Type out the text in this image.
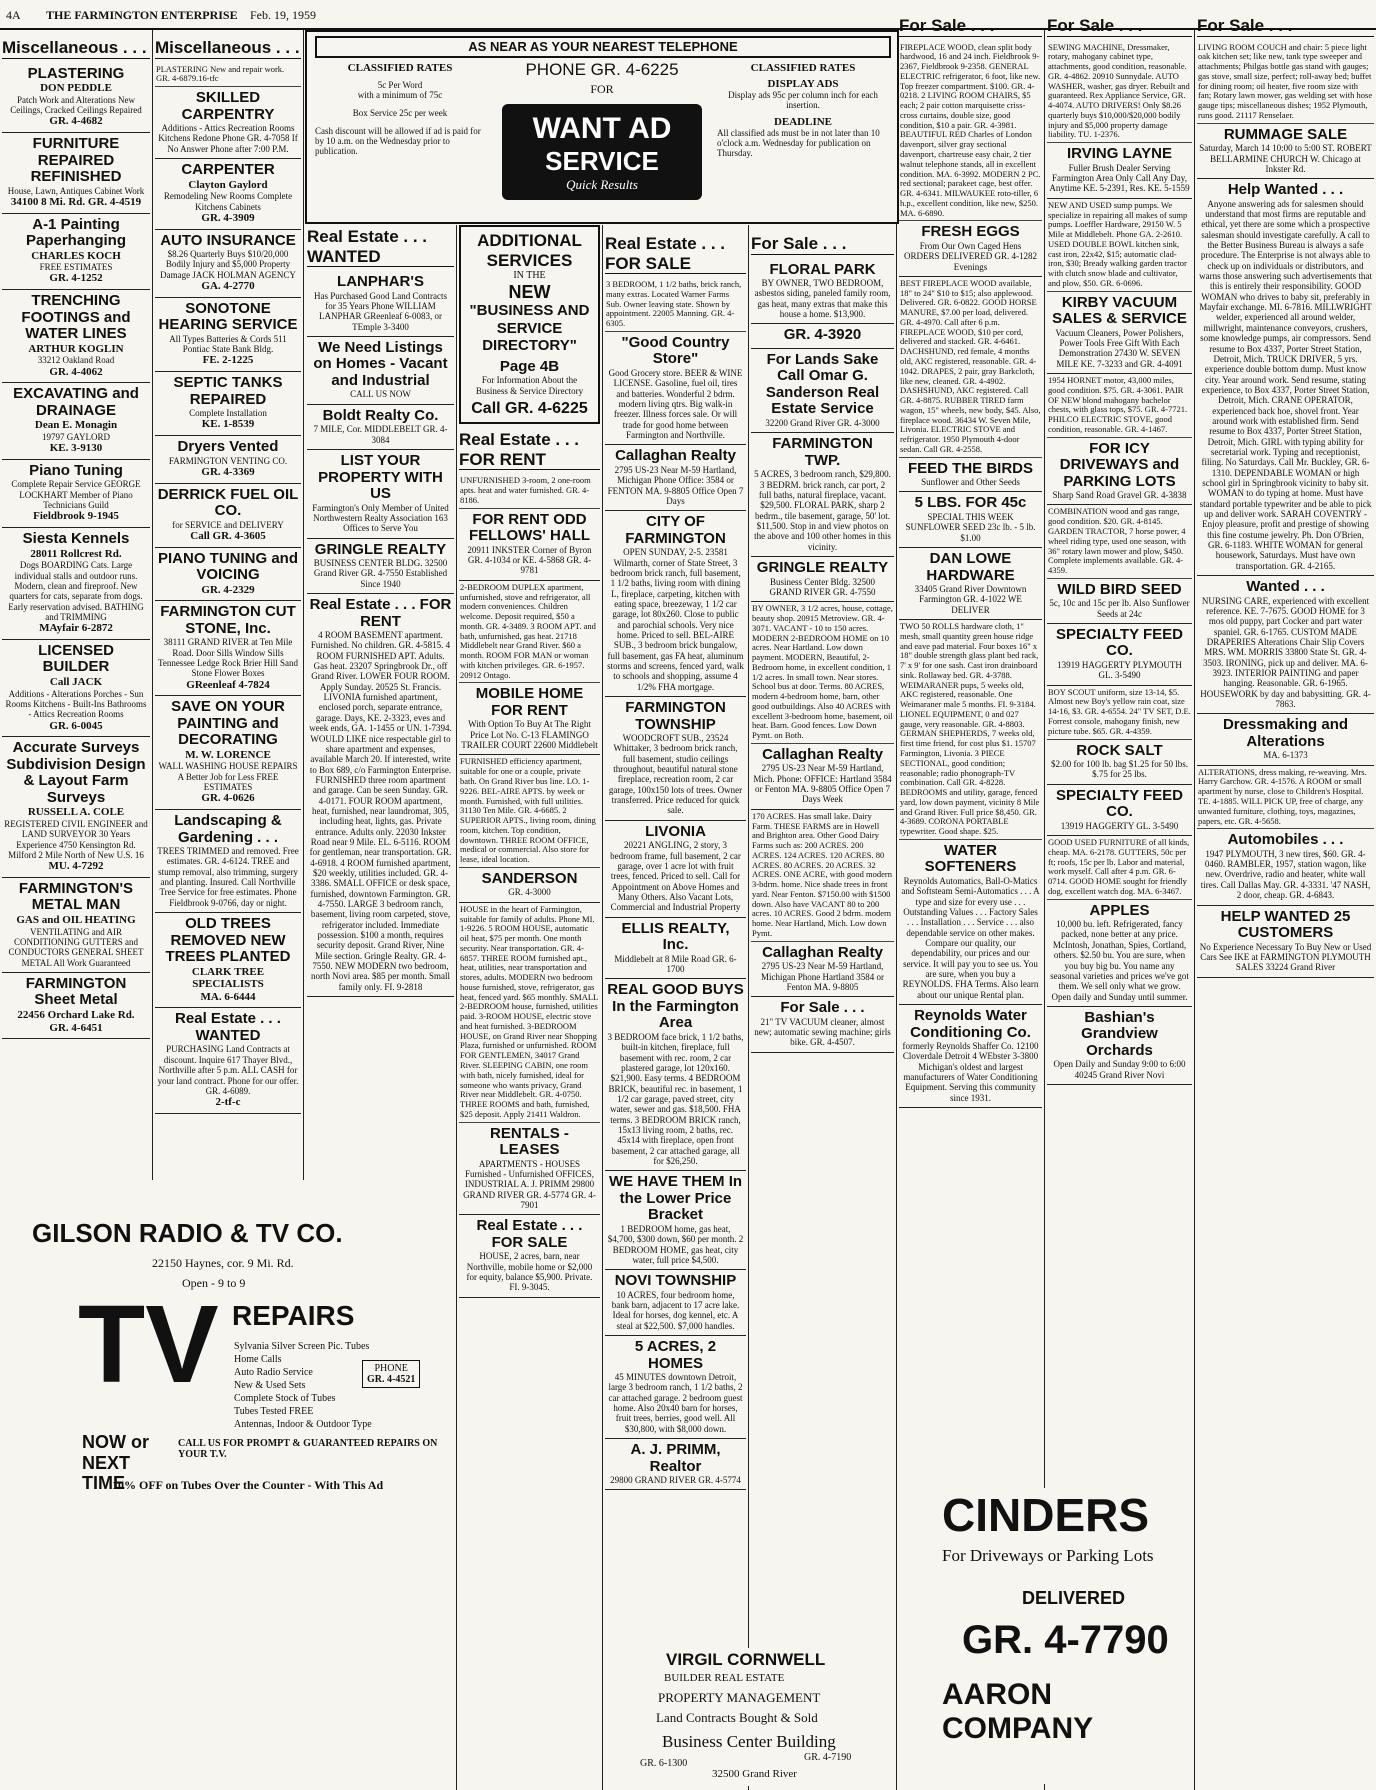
4A THE FARMINGTON ENTERPRISE Feb. 19, 1959
AS NEAR AS YOUR NEAREST TELEPHONE
PHONE GR. 4-6225
FOR
WANT AD
SERVICE
Quick Results
CLASSIFIED RATES
5c Per Word
with a minimum of 75c
Box Service 25c per week
Cash discount will be allowed if ad is paid for by 10 a.m. on the Wednesday prior to publication.
CLASSIFIED RATES
DISPLAY ADS
Display ads 95c per column inch for each insertion.
DEADLINE
All classified ads must be in not later than 10 o'clock a.m. Wednesday for publication on Thursday.
Miscellaneous . . .
PLASTERING
DON PEDDLE
Patch Work and Alterations New Ceilings, Cracked Ceilings Repaired
GR. 4-4682
FURNITURE REPAIRED REFINISHED
House, Lawn, Antiques Cabinet Work
34100 8 Mi. Rd. GR. 4-4519
A-1 Painting Paperhanging
CHARLES KOCH
FREE ESTIMATES
GR. 4-1252
TRENCHING FOOTINGS and WATER LINES
ARTHUR KOGLIN
33212 Oakland Road
GR. 4-4062
EXCAVATING and DRAINAGE
Dean E. Monagin
19797 GAYLORD
KE. 3-9130
Piano Tuning
Complete Repair Service GEORGE LOCKHART Member of Piano Technicians Guild
Fieldbrook 9-1945
Siesta Kennels
28011 Rollcrest Rd.
Dogs BOARDING Cats. Large individual stalls and outdoor runs. Modern, clean and fireproof. New quarters for cats, separate from dogs. Early reservation advised. BATHING and TRIMMING
MAyfair 6-2872
LICENSED BUILDER
Call JACK
Additions - Alterations Porches - Sun Rooms Kitchens - Built-Ins Bathrooms - Attics Recreation Rooms
GR. 6-0045
Accurate Surveys Subdivision Design & Layout Farm Surveys
RUSSELL A. COLE
REGISTERED CIVIL ENGINEER and LAND SURVEYOR 30 Years Experience 4750 Kensington Rd. Milford 2 Mile North of New U.S. 16
MU. 4-7292
FARMINGTON'S METAL MAN
GAS and OIL HEATING
VENTILATING and AIR CONDITIONING GUTTERS and CONDUCTORS GENERAL SHEET METAL All Work Guaranteed
FARMINGTON Sheet Metal
22456 Orchard Lake Rd.
GR. 4-6451
Miscellaneous . . .
PLASTERING New and repair work. GR. 4-6879.16-tfc
SKILLED CARPENTRY
Additions - Attics Recreation Rooms Kitchens Redone Phone GR. 4-7058 If No Answer Phone after 7:00 P.M.
CARPENTER
Clayton Gaylord
Remodeling New Rooms Complete Kitchens Cabinets
GR. 4-3909
AUTO INSURANCE
$8.26 Quarterly Buys $10/20,000 Bodily Injury and $5,000 Property Damage JACK HOLMAN AGENCY
GA. 4-2770
SONOTONE HEARING SERVICE
All Types Batteries & Cords 511 Pontiac State Bank Bldg.
FE. 2-1225
SEPTIC TANKS REPAIRED
Complete Installation
KE. 1-8539
Dryers Vented
FARMINGTON VENTING CO.
GR. 4-3369
DERRICK FUEL OIL CO.
for SERVICE and DELIVERY
Call GR. 4-3605
PIANO TUNING and VOICING
GR. 4-2329
FARMINGTON CUT STONE, Inc.
38111 GRAND RIVER at Ten Mile Road. Door Sills Window Sills Tennessee Ledge Rock Brier Hill Sand Stone Flower Boxes
GReenleaf 4-7824
SAVE ON YOUR PAINTING and DECORATING
M. W. LORENCE
WALL WASHING HOUSE REPAIRS A Better Job for Less FREE ESTIMATES
GR. 4-0626
Landscaping & Gardening . . .
TREES TRIMMED and removed. Free estimates. GR. 4-6124. TREE and stump removal, also trimming, surgery and planting. Insured. Call Northville Tree Service for free estimates. Phone Fieldbrook 9-0766, day or night.
OLD TREES REMOVED NEW TREES PLANTED
CLARK TREE SPECIALISTS
MA. 6-6444
Real Estate . . . WANTED
PURCHASING Land Contracts at discount. Inquire 617 Thayer Blvd., Northville after 5 p.m. ALL CASH for your land contract. Phone for our offer. GR. 4-6089.
2-tf-c
Real Estate . . . WANTED
LANPHAR'S
Has Purchased Good Land Contracts for 35 Years Phone WILLIAM LANPHAR GReenleaf 6-0083, or TEmple 3-3400
We Need Listings on Homes - Vacant and Industrial
CALL US NOW
Boldt Realty Co.
7 MILE, Cor. MIDDLEBELT GR. 4-3084
LIST YOUR PROPERTY WITH US
Farmington's Only Member of United Northwestern Realty Association 163 Offices to Serve You
GRINGLE REALTY
BUSINESS CENTER BLDG. 32500 Grand River GR. 4-7550 Established Since 1940
Real Estate . . . FOR RENT
4 ROOM BASEMENT apartment. Furnished. No children. GR. 4-5815. 4 ROOM FURNISHED APT. Adults. Gas heat. 23207 Springbrook Dr., off Grand River. LOWER FOUR ROOM. Apply Sunday. 20525 St. Francis. LIVONIA furnished apartment, enclosed porch, separate entrance, garage. Days, KE. 2-3323, eves and week ends, GA. 1-1455 or UN. 1-7394. WOULD LIKE nice respectable girl to share apartment and expenses, available March 20. If interested, write to Box 689, c/o Farmington Enterprise. FURNISHED three room apartment and garage. Can be seen Sunday. GR. 4-0171. FOUR ROOM apartment, heat, furnished, near laundromat, 305, including heat, lights, gas. Private entrance. Adults only. 22030 Inkster Road near 9 Mile. EL. 6-5116. ROOM for gentleman, near transportation. GR. 4-6918. 4 ROOM furnished apartment, $20 weekly, utilities included. GR. 4-3386. SMALL OFFICE or desk space, furnished, downtown Farmington. GR. 4-7550. LARGE 3 bedroom ranch, basement, living room carpeted, stove, refrigerator included. Immediate possession. $100 a month, requires security deposit. Grand River, Nine Mile section. Gringle Realty. GR. 4-7550. NEW MODERN two bedroom, north Novi area. $85 per month. Small family only. FI. 9-2818
ADDITIONAL SERVICES
IN THE
NEW
"BUSINESS AND SERVICE DIRECTORY"
Page 4B
For Information About the Business & Service Directory
Call GR. 4-6225
Real Estate . . . FOR RENT
UNFURNISHED 3-room, 2 one-room apts. heat and water furnished. GR. 4-8186.
FOR RENT ODD FELLOWS' HALL
20911 INKSTER Corner of Byron GR. 4-1034 or KE. 4-5868 GR. 4-9781
2-BEDROOM DUPLEX apartment, unfurnished, stove and refrigerator, all modern conveniences. Children welcome. Deposit required, $50 a month. GR. 4-3489. 3 ROOM APT. and bath, unfurnished, gas heat. 21718 Middlebelt near Grand River. $60 a month. ROOM FOR MAN or woman with kitchen privileges. GR. 6-1957. 20912 Ontago.
MOBILE HOME FOR RENT
With Option To Buy At The Right Price Lot No. C-13 FLAMINGO TRAILER COURT 22600 Middlebelt
FURNISHED efficiency apartment, suitable for one or a couple, private bath. On Grand River bus line. LO. 1-9226. BEL-AIRE APTS. by week or month. Furnished, with full utilities. 31130 Ten Mile. GR. 4-6685. 2 SUPERIOR APTS., living room, dining room, kitchen. Top condition, downtown. THREE ROOM OFFICE, medical or commercial. Also store for lease, ideal location.
SANDERSON
GR. 4-3000
HOUSE in the heart of Farmington, suitable for family of adults. Phone MI. 1-9226. 5 ROOM HOUSE, automatic oil heat, $75 per month. One month security. Near transportation. GR. 4-6857. THREE ROOM furnished apt., heat, utilities, near transportation and stores, adults. MODERN two bedroom house furnished, stove, refrigerator, gas heat, fenced yard. $65 monthly. SMALL 2-BEDROOM house, furnished, utilities paid. 3-ROOM HOUSE, electric stove and heat furnished. 3-BEDROOM HOUSE, on Grand River near Shopping Plaza, furnished or unfurnished. ROOM FOR GENTLEMEN, 34017 Grand River. SLEEPING CABIN, one room with bath, nicely furnished, ideal for someone who wants privacy, Grand River near Middlebelt. GR. 4-0750. THREE ROOMS and bath, furnished, $25 deposit. Apply 21411 Waldron.
RENTALS - LEASES
APARTMENTS - HOUSES Furnished - Unfurnished OFFICES, INDUSTRIAL A. J. PRIMM 29800 GRAND RIVER GR. 4-5774 GR. 4-7901
Real Estate . . . FOR SALE
HOUSE, 2 acres, barn, near Northville, mobile home or $2,000 for equity, balance $5,900. Private. FI. 9-3045.
Real Estate . . . FOR SALE
3 BEDROOM, 1 1/2 baths, brick ranch, many extras. Located Warner Farms Sub. Owner leaving state. Shown by appointment. 22005 Manning. GR. 4-6305.
"Good Country Store"
Good Grocery store. BEER & WINE LICENSE. Gasoline, fuel oil, tires and batteries. Wonderful 2 bdrm. modern living qtrs. Big walk-in freezer. Illness forces sale. Or will trade for good home between Farmington and Northville.
Callaghan Realty
2795 US-23 Near M-59 Hartland, Michigan Phone Office: 3584 or FENTON MA. 9-8805 Office Open 7 Days
CITY OF FARMINGTON
OPEN SUNDAY, 2-5. 23581 Wilmarth, corner of State Street, 3 bedroom brick ranch, full basement, 1 1/2 baths, living room with dining L, fireplace, carpeting, kitchen with eating space, breezeway, 1 1/2 car garage, lot 80x260. Close to public and parochial schools. Very nice home. Priced to sell. BEL-AIRE SUB., 3 bedroom brick bungalow, full basement, gas FA heat, aluminum storms and screens, fenced yard, walk to schools and shopping, assume 4 1/2% FHA mortgage.
FARMINGTON TOWNSHIP
WOODCROFT SUB., 23524 Whittaker, 3 bedroom brick ranch, full basement, studio ceilings throughout, beautiful natural stone fireplace, recreation room, 2 car garage, 100x150 lots of trees. Owner transferred. Price reduced for quick sale.
LIVONIA
20221 ANGLING, 2 story, 3 bedroom frame, full basement, 2 car garage, over 1 acre lot with fruit trees, fenced. Priced to sell. Call for Appointment on Above Homes and Many Others. Also Vacant Lots, Commercial and Industrial Property
ELLIS REALTY, Inc.
Middlebelt at 8 Mile Road GR. 6-1700
REAL GOOD BUYS In the Farmington Area
3 BEDROOM face brick, 1 1/2 baths, built-in kitchen, fireplace, full basement with rec. room, 2 car plastered garage, lot 120x160. $21,900. Easy terms. 4 BEDROOM BRICK, beautiful rec. in basement, 1 1/2 car garage, paved street, city water, sewer and gas. $18,500. FHA terms. 3 BEDROOM BRICK ranch, 15x13 living room, 2 baths, rec. 45x14 with fireplace, open front basement, 2 car attached garage, all for $26,250.
WE HAVE THEM In the Lower Price Bracket
1 BEDROOM home, gas heat, $4,700, $300 down, $60 per month. 2 BEDROOM HOME, gas heat, city water, full price $4,500.
NOVI TOWNSHIP
10 ACRES, four bedroom home, bank barn, adjacent to 17 acre lake. Ideal for horses, dog kennel, etc. A steal at $22,500. $7,000 handles.
5 ACRES, 2 HOMES
45 MINUTES downtown Detroit, large 3 bedroom ranch, 1 1/2 baths, 2 car attached garage. 2 bedroom guest home. Also 20x40 barn for horses, fruit trees, berries, good well. All $30,800, with $8,000 down.
A. J. PRIMM, Realtor
29800 GRAND RIVER GR. 4-5774
For Sale . . .
FLORAL PARK
BY OWNER, TWO BEDROOM, asbestos siding, paneled family room, gas heat, many extras that make this house a home. $13,900.
GR. 4-3920
For Lands Sake Call Omar G. Sanderson Real Estate Service
32200 Grand River GR. 4-3000
FARMINGTON TWP.
5 ACRES, 3 bedroom ranch, $29,800. 3 BEDRM. brick ranch, car port, 2 full baths, natural fireplace, vacant. $29,500. FLORAL PARK, sharp 2 bedrm., tile basement, garage, 50' lot. $11,500. Stop in and view photos on the above and 100 other homes in this vicinity.
GRINGLE REALTY
Business Center Bldg. 32500 GRAND RIVER GR. 4-7550
BY OWNER, 3 1/2 acres, house, cottage, beauty shop. 20915 Metroview. GR. 4-3071. VACANT - 10 to 150 acres. MODERN 2-BEDROOM HOME on 10 acres. Near Hartland. Low down payment. MODERN, Beautiful, 2-Bedroom home, in excellent condition, 1 1/2 acres. In small town. Near stores. School bus at door. Terms. 80 ACRES, modern 4-bedroom home, barn, other good outbuildings. Also 40 ACRES with excellent 3-bedroom home, basement, oil heat. Barn. Good fences. Low Down Pymt. on Both.
Callaghan Realty
2795 US-23 Near M-59 Hartland, Mich. Phone: OFFICE: Hartland 3584 or Fenton MA. 9-8805 Office Open 7 Days Week
170 ACRES. Has small lake. Dairy Farm. THESE FARMS are in Howell and Brighton area. Other Good Dairy Farms such as: 200 ACRES. 200 ACRES. 124 ACRES. 120 ACRES. 80 ACRES. 80 ACRES. 20 ACRES. 32 ACRES. ONE ACRE, with good modern 3-bdrm. home. Nice shade trees in front yard. Near Fenton. $7150.00 with $1500 down. Also have VACANT 80 to 200 acres. 10 ACRES. Good 2 bdrm. modern home. Near Hartland, Mich. Low down Pymt.
Callaghan Realty
2795 US-23 Near M-59 Hartland, Michigan Phone Hartland 3584 or Fenton MA. 9-8805
For Sale . . .
21" TV VACUUM cleaner, almost new; automatic sewing machine; girls bike. GR. 4-4507.
For Sale . . .
FIREPLACE WOOD, clean split body hardwood, 16 and 24 inch. Fieldbrook 9-2367, Fieldbrook 9-2358. GENERAL ELECTRIC refrigerator, 6 foot, like new. Top freezer compartment. $100. GR. 4-0218. 2 LIVING ROOM CHAIRS, $5 each; 2 pair cotton marquisette criss-cross curtains, double size, good condition, $10 a pair. GR. 4-3981. BEAUTIFUL RED Charles of London davenport, silver gray sectional davenport, chartreuse easy chair, 2 tier walnut telephone stands, all in excellent condition. MA. 6-3992. MODERN 2 PC. red sectional; parakeet cage, best offer. GR. 4-6341. MILWAUKEE roto-tiller, 6 h.p., excellent condition, like new, $250. MA. 6-6890.
FRESH EGGS
From Our Own Caged Hens ORDERS DELIVERED GR. 4-1282 Evenings
BEST FIREPLACE WOOD available, 18" to 24" $10 to $15; also applewood. Delivered. GR. 6-0822. GOOD HORSE MANURE, $7.00 per load, delivered. GR. 4-4970. Call after 6 p.m. FIREPLACE WOOD, $10 per cord, delivered and stacked. GR. 4-6461. DACHSHUND, red female, 4 months old, AKC registered, reasonable. GR. 4-1042. DRAPES, 2 pair, gray Barkcloth, like new, cleaned. GR. 4-4902. DASHSHUND, AKC registered. Call GR. 4-8875. RUBBER TIRED farm wagon, 15" wheels, new body, $45. Also, fireplace wood. 36434 W. Seven Mile, Livonia. ELECTRIC STOVE and refrigerator. 1950 Plymouth 4-door sedan. Call GR. 4-2558.
FEED THE BIRDS
Sunflower and Other Seeds
5 LBS. FOR 45c
SPECIAL THIS WEEK SUNFLOWER SEED 23c lb. - 5 lb. $1.00
DAN LOWE HARDWARE
33405 Grand River Downtown Farmington GR. 4-1022 WE DELIVER
TWO 50 ROLLS hardware cloth, 1" mesh, small quantity green house ridge and eave pad material. Four boxes 16" x 18" double strength glass plant bed rack, 7' x 9' for one sash. Cast iron drainboard sink. Rollaway bed. GR. 4-3788. WEIMARANER pups, 5 weeks old, AKC registered, reasonable. One Weimaraner male 5 months. FI. 9-3184. LIONEL EQUIPMENT, 0 and 027 gauge, very reasonable. GR. 4-8803. GERMAN SHEPHERDS, 7 weeks old, first time friend, for cost plus $1. 15707 Farmington, Livonia. 3 PIECE SECTIONAL, good condition; reasonable; radio phonograph-TV combination. Call GR. 4-8228. BEDROOMS and utility, garage, fenced yard, low down payment, vicinity 8 Mile and Grand River. Full price $8,450. GR. 4-3689. CORONA PORTABLE typewriter. Good shape. $25.
WATER SOFTENERS
Reynolds Automatics, Ball-O-Matics and Softsteam Semi-Automatics . . . A type and size for every use . . . Outstanding Values . . . Factory Sales . . . Installation . . . Service . . . also dependable service on other makes. Compare our quality, our dependability, our prices and our service. It will pay you to see us. You are sure, when you buy a REYNOLDS. FHA Terms. Also learn about our unique Rental plan.
Reynolds Water Conditioning Co.
formerly Reynolds Shaffer Co. 12100 Cloverdale Detroit 4 WEbster 3-3800 Michigan's oldest and largest manufacturers of Water Conditioning Equipment. Serving this community since 1931.
For Sale . . .
SEWING MACHINE, Dressmaker, rotary, mahogany cabinet type, attachments, good condition, reasonable. GR. 4-4862. 20910 Sunnydale. AUTO WASHER, washer, gas dryer. Rebuilt and guaranteed. Rex Appliance Service, GR. 4-4074. AUTO DRIVERS! Only $8.26 quarterly buys $10,000/$20,000 bodily injury and $5,000 property damage liability. TU. 1-2376.
IRVING LAYNE
Fuller Brush Dealer Serving Farmington Area Only Call Any Day, Anytime KE. 5-2391, Res. KE. 5-1559
NEW AND USED sump pumps. We specialize in repairing all makes of sump pumps. Loeffler Hardware, 29150 W. 5 Mile at Middlebelt. Phone GA. 2-2610. USED DOUBLE BOWL kitchen sink, cast iron, 22x42, $15; automatic clad-iron, $30; Bready walking garden tractor with clutch snow blade and cultivator, and plow, $50. GR. 6-0696.
KIRBY VACUUM SALES & SERVICE
Vacuum Cleaners, Power Polishers, Power Tools Free Gift With Each Demonstration 27430 W. SEVEN MILE KE. 7-3233 and GR. 4-4091
1954 HORNET motor, 43,000 miles, good condition. $75. GR. 4-3061. PAIR OF NEW blond mahogany bachelor chests, with glass tops, $75. GR. 4-7721. PHILCO ELECTRIC STOVE, good condition, reasonable. GR. 4-1467.
FOR ICY DRIVEWAYS and PARKING LOTS
Sharp Sand Road Gravel GR. 4-3838
COMBINATION wood and gas range, good condition. $20. GR. 4-8145. GARDEN TRACTOR, 7 horse power, 4 wheel riding type, used one season, with 36" rotary lawn mower and plow, $450. Complete implements available. GR. 4-4359.
WILD BIRD SEED
5c, 10c and 15c per lb. Also Sunflower Seeds at 24c
SPECIALTY FEED CO.
13919 HAGGERTY PLYMOUTH GL. 3-5490
BOY SCOUT uniform, size 13-14, $5. Almost new Boy's yellow rain coat, size 14-16, $3. GR. 4-6554. 24" TV SET, D.E. Forrest console, mahogany finish, new picture tube. $65. GR. 4-4359.
ROCK SALT
$2.00 for 100 lb. bag $1.25 for 50 lbs. $.75 for 25 lbs.
SPECIALTY FEED CO.
13919 HAGGERTY GL. 3-5490
GOOD USED FURNITURE of all kinds, cheap. MA. 6-2178. GUTTERS, 50c per ft; roofs, 15c per lb. Labor and material, work myself. Call after 4 p.m. GR. 6-0714. GOOD HOME sought for friendly dog, excellent watch dog. MA. 6-3467.
APPLES
10,000 bu. left. Refrigerated, fancy packed, none better at any price. McIntosh, Jonathan, Spies, Cortland, others. $2.50 bu. You are sure, when you buy big bu. You name any seasonal varieties and prices we've got them. We sell only what we grow. Open daily and Sunday until summer.
Bashian's Grandview Orchards
Open Daily and Sunday 9:00 to 6:00 40245 Grand River Novi
For Sale . . .
LIVING ROOM COUCH and chair: 5 piece light oak kitchen set; like new, tank type sweeper and attachments; Philgas bottle gas stand with gauges; gas stove, small size, perfect; roll-away bed; buffet for dining room; oil heater, five room size with fan; Rotary lawn mower, gas welding set with hose gauge tips; miscellaneous dishes; 1952 Plymouth, runs good. 21117 Renselaer.
RUMMAGE SALE
Saturday, March 14 10:00 to 5:00 ST. ROBERT BELLARMINE CHURCH W. Chicago at Inkster Rd.
Help Wanted . . .
Anyone answering ads for salesmen should understand that most firms are reputable and ethical, yet there are some which a prospective salesman should investigate carefully. A call to the Better Business Bureau is always a safe procedure. The Enterprise is not always able to check up on individuals or distributors, and warns those answering such advertisements that this is entirely their responsibility. GOOD WOMAN who drives to baby sit, preferably in Mayfair exchange. MI. 6-7816. MILLWRIGHT welder, experienced all around welder, millwright, maintenance conveyors, crushers, some knowledge pumps, air compressors. Send resume to Box 4337, Porter Street Station, Detroit, Mich. TRUCK DRIVER, 5 yrs. experience double bottom dump. Must know city. Year around work. Send resume, stating experience, to Box 4337, Porter Street Station, Detroit, Mich. CRANE OPERATOR, experienced back hoe, shovel front. Year around work with established firm. Send resume to Box 4337, Porter Street Station, Detroit, Mich. GIRL with typing ability for secretarial work. Typing and receptionist, filing. No Saturdays. Call Mr. Buckley, GR. 6-1310. DEPENDABLE WOMAN or high school girl in Springbrook vicinity to baby sit. WOMAN to do typing at home. Must have standard portable typewriter and be able to pick up and deliver work. SARAH COVENTRY - Enjoy pleasure, profit and prestige of showing this fine costume jewelry. Ph. Don O'Brien, GR. 6-1183. WHITE WOMAN for general housework, Saturdays. Must have own transportation. GR. 4-2165.
Wanted . . .
NURSING CARE, experienced with excellent reference. KE. 7-7675. GOOD HOME for 3 mos old puppy, part Cocker and part water spaniel. GR. 6-1765. CUSTOM MADE DRAPERIES Alterations Chair Slip Covers MRS. WM. MORRIS 33800 State St. GR. 4-3503. IRONING, pick up and deliver. MA. 6-3923. INTERIOR PAINTING and paper hanging. Reasonable. GR. 6-1965. HOUSEWORK by day and babysitting. GR. 4-7863.
Dressmaking and Alterations
MA. 6-1373
ALTERATIONS, dress making, re-weaving. Mrs. Harry Garchow. GR. 4-1576. A ROOM or small apartment by nurse, close to Children's Hospital. TE. 4-1885. WILL PICK UP, free of charge, any unwanted furniture, clothing, toys, magazines, papers, etc. GR. 4-5658.
Automobiles . . .
1947 PLYMOUTH, 3 new tires, $60. GR. 4-0460. RAMBLER, 1957, station wagon, like new. Overdrive, radio and heater, white wall tires. Call Dallas May. GR. 4-3331. '47 NASH, 2 door, cheap. GR. 4-6843.
HELP WANTED 25 CUSTOMERS
No Experience Necessary To Buy New or Used Cars See IKE at FARMINGTON PLYMOUTH SALES 33224 Grand River
GILSON RADIO & TV CO.
22150 Haynes, cor. 9 Mi. Rd.
Open - 9 to 9
TV REPAIRS
Sylvania Silver Screen Pic. Tubes
Home Calls
Auto Radio Service
New & Used Sets
Complete Stock of Tubes
Tubes Tested FREE
Antennas, Indoor & Outdoor Type
PHONE
GR. 4-4521
NOW or NEXT TIME
CALL US FOR PROMPT & GUARANTEED REPAIRS ON YOUR T.V.
10% OFF on Tubes Over the Counter - With This Ad
VIRGIL CORNWELL
BUILDER REAL ESTATE
PROPERTY MANAGEMENT
Land Contracts Bought & Sold
Business Center Building
GR. 6-1300
GR. 4-7190
32500 Grand River
CINDERS
For Driveways or Parking Lots
DELIVERED
GR. 4-7790
AARON COMPANY
